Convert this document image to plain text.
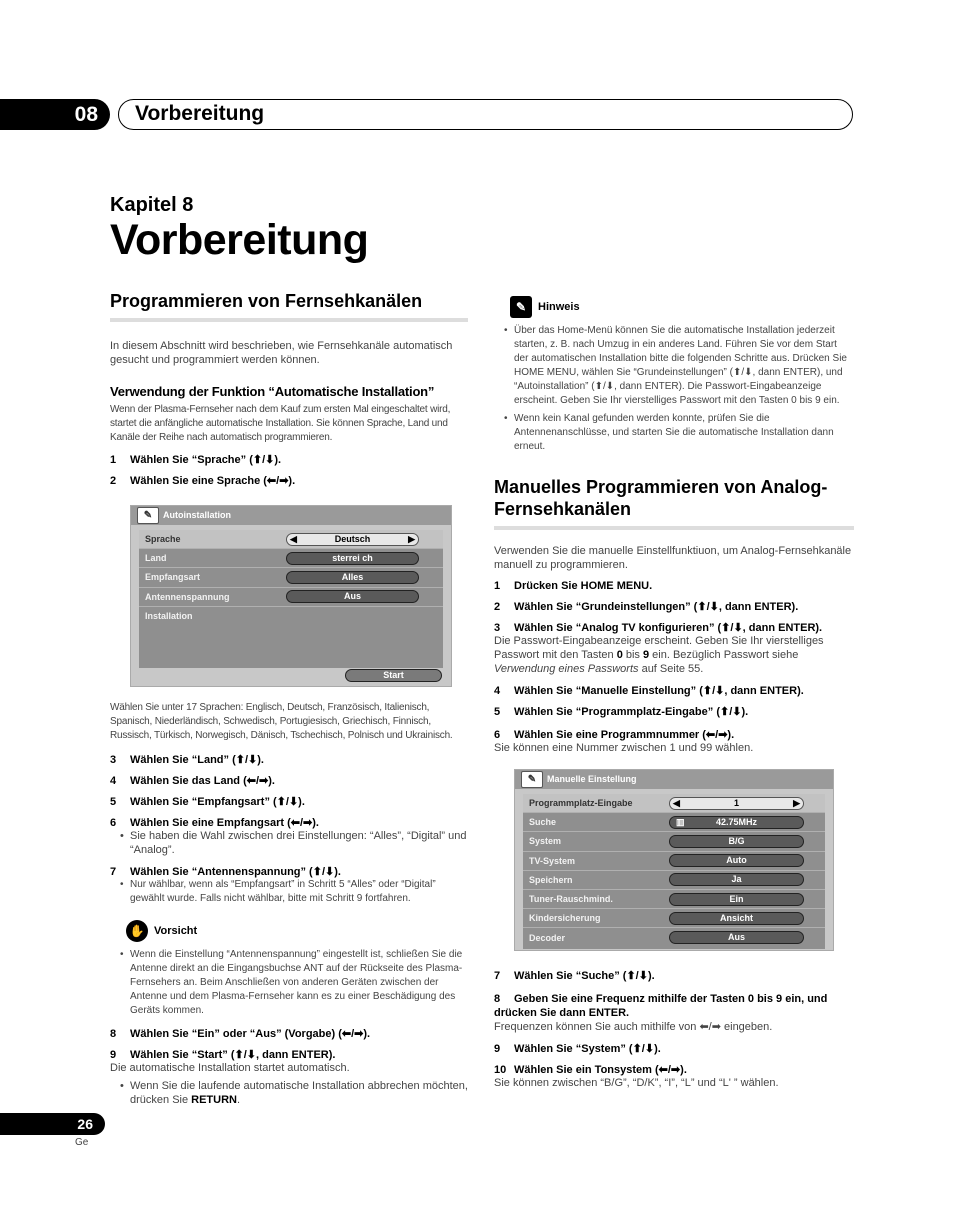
08	Vorbereitung
Kapitel 8
Vorbereitung
Programmieren von Fernsehkanälen

In diesem Abschnitt wird beschrieben, wie Fernsehkanäle automatisch gesucht und programmiert werden können.

Verwendung der Funktion “Automatische Installation”

Wenn der Plasma-Fernseher nach dem Kauf zum ersten Mal eingeschaltet wird, startet die anfängliche automatische Installation. Sie können Sprache, Land und Kanäle der Reihe nach automatisch programmieren.

1 Wählen Sie “Sprache” (⬆/⬇).
2 Wählen Sie eine Sprache (⬅/➡).
✎	Autoinstallation
Sprache	◀	Deutsch	▶
Land	sterrei ch
Empfangsart	Alles
Antennenspannung	Aus
Installation
Start

Wählen Sie unter 17 Sprachen: Englisch, Deutsch, Französisch, Italienisch, Spanisch, Niederländisch, Schwedisch, Portugiesisch, Griechisch, Finnisch, Russisch, Türkisch, Norwegisch, Dänisch, Tschechisch, Polnisch und Ukrainisch.

3 Wählen Sie “Land” (⬆/⬇).
4 Wählen Sie das Land (⬅/➡).
5 Wählen Sie “Empfangsart” (⬆/⬇).
6 Wählen Sie eine Empfangsart (⬅/➡).
• Sie haben die Wahl zwischen drei Einstellungen: “Alles”, “Digital” und “Analog”.
7 Wählen Sie “Antennenspannung” (⬆/⬇).
• Nur wählbar, wenn als “Empfangsart” in Schritt 5 “Alles” oder “Digital” gewählt wurde. Falls nicht wählbar, bitte mit Schritt 9 fortfahren.
✋ Vorsicht
• Wenn die Einstellung “Antennenspannung” eingestellt ist, schließen Sie die Antenne direkt an die Eingangsbuchse ANT auf der Rückseite des Plasma-Fernsehers an. Beim Anschließen von anderen Geräten zwischen der Antenne und dem Plasma-Fernseher kann es zu einer Beschädigung des Geräts kommen.
8 Wählen Sie “Ein” oder “Aus” (Vorgabe) (⬅/➡).
9 Wählen Sie “Start” (⬆/⬇, dann ENTER).

Die automatische Installation startet automatisch.

• Wenn Sie die laufende automatische Installation abbrechen möchten, drücken Sie RETURN.
✎	Hinweis
• Über das Home-Menü können Sie die automatische Installation jederzeit starten, z. B. nach Umzug in ein anderes Land. Führen Sie vor dem Start der automatischen Installation bitte die folgenden Schritte aus. Drücken Sie HOME MENU, wählen Sie “Grundeinstellungen” (⬆/⬇, dann ENTER), und “Autoinstallation” (⬆/⬇, dann ENTER). Die Passwort-Eingabeanzeige erscheint. Geben Sie Ihr vierstelliges Passwort mit den Tasten 0 bis 9 ein.
• Wenn kein Kanal gefunden werden konnte, prüfen Sie die Antennenanschlüsse, und starten Sie die automatische Installation dann erneut.
Manuelles Programmieren von Analog-Fernsehkanälen

Verwenden Sie die manuelle Einstellfunktiuon, um Analog-Fernsehkanäle manuell zu programmieren.

1 Drücken Sie HOME MENU.
2 Wählen Sie “Grundeinstellungen” (⬆/⬇, dann ENTER).
3 Wählen Sie “Analog TV konfigurieren” (⬆/⬇, dann ENTER).

Die Passwort-Eingabeanzeige erscheint. Geben Sie Ihr vierstelliges Passwort mit den Tasten 0 bis 9 ein. Bezüglich Passwort siehe Verwendung eines Passworts auf Seite 55.

4 Wählen Sie “Manuelle Einstellung” (⬆/⬇, dann ENTER).
5 Wählen Sie “Programmplatz-Eingabe” (⬆/⬇).
6 Wählen Sie eine Programmnummer (⬅/➡).

Sie können eine Nummer zwischen 1 und 99 wählen.

✎	Manuelle Einstellung
Programmplatz-Eingabe	◀	1	▶
Suche	▥	42.75MHz
System	B/G
TV-System	Auto
Speichern	Ja
Tuner-Rauschmind.	Ein
Kindersicherung	Ansicht
Decoder	Aus
7 Wählen Sie “Suche” (⬆/⬇).
8 Geben Sie eine Frequenz mithilfe der Tasten 0 bis 9 ein, und drücken Sie dann ENTER.

Frequenzen können Sie auch mithilfe von ⬅/➡ eingeben.

9 Wählen Sie “System” (⬆/⬇).
10 Wählen Sie ein Tonsystem (⬅/➡).

Sie können zwischen “B/G”, “D/K”, “I”, “L” und “L' ” wählen.

26
Ge
